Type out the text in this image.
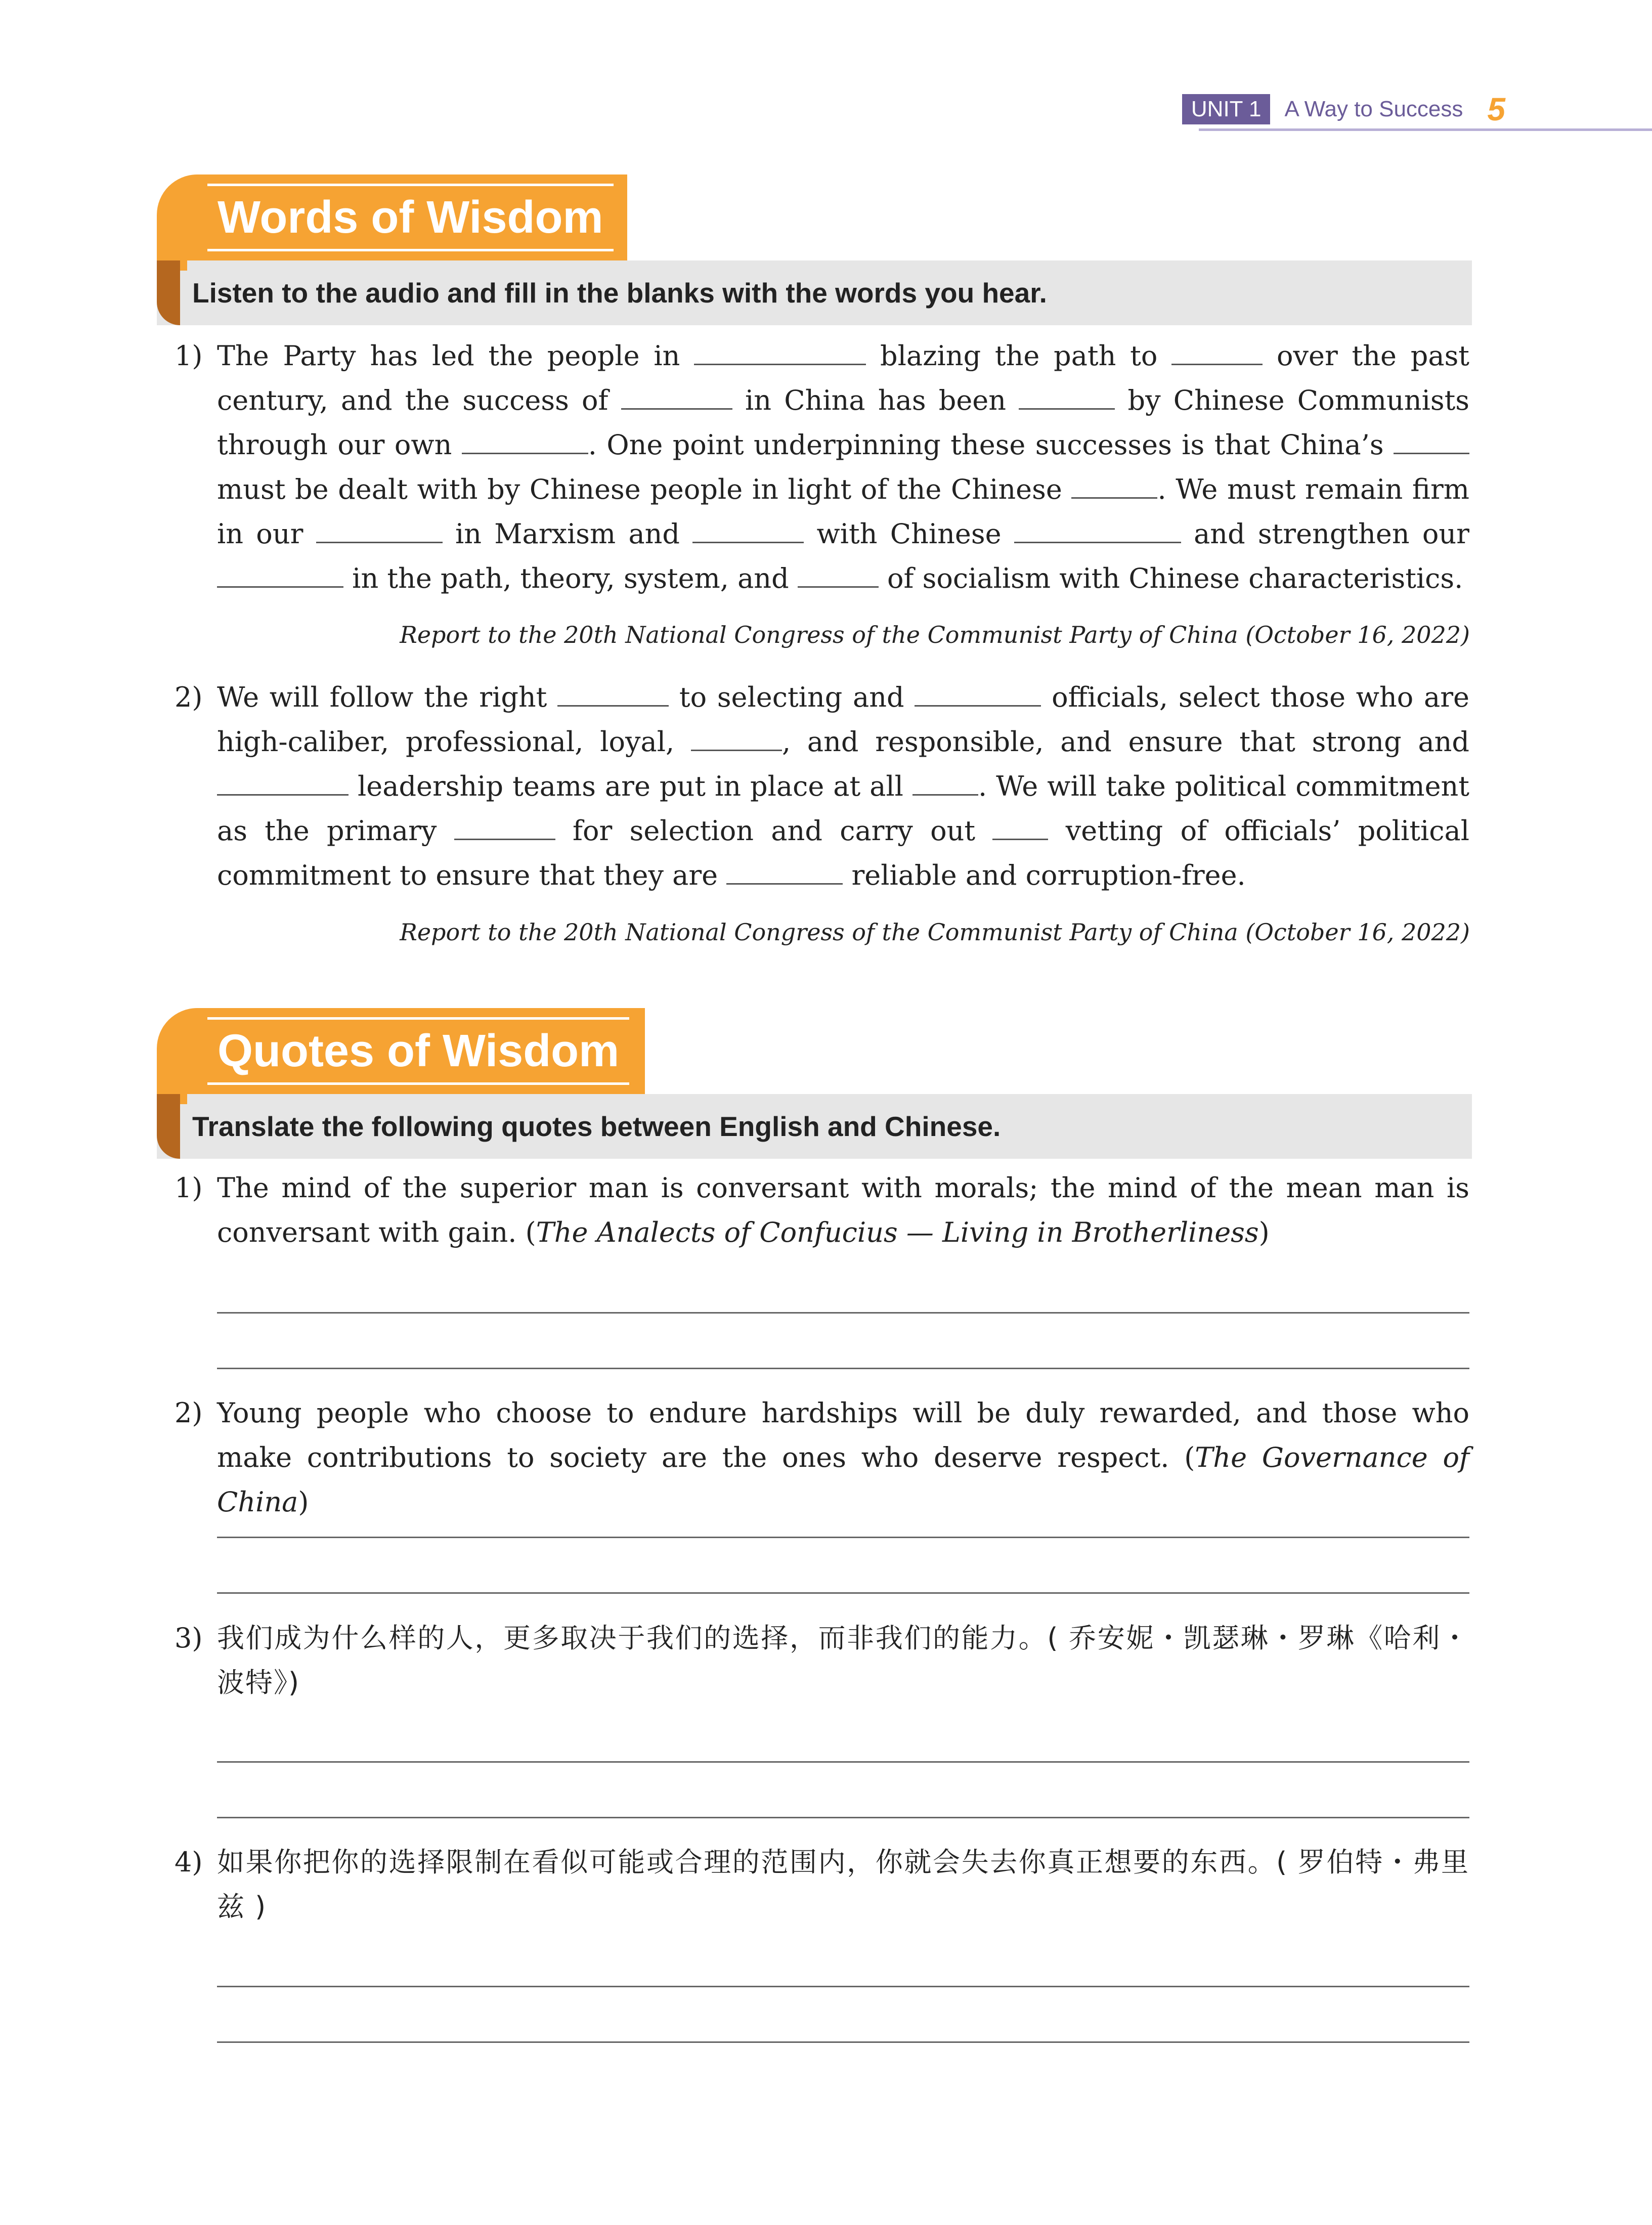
UNIT 1	A Way to Success 5
Words of Wisdom
Listen to the audio and fill in the blanks with the words you hear.
1) The Party has led the people in	blazing the path to	over the past century, and the success of	in China has been	by Chinese Communists through our own	. One point underpinning these successes is that China’s  must be dealt with by Chinese people in light of the Chinese	. We must remain firm in our	in Marxism and	with Chinese	and strengthen our  in the path, theory, system, and	of socialism with Chinese characteristics.
Report to the 20th National Congress of the Communist Party of China (October 16, 2022)
2) We will follow the right	to selecting and	officials, select those who are high-caliber, professional, loyal,	, and responsible, and ensure that strong and  leadership teams are put in place at all	. We will take political commitment as the primary	for selection and carry out	vetting of officials’ political commitment to ensure that they are	reliable and corruption-free.
Report to the 20th National Congress of the Communist Party of China (October 16, 2022)
Quotes of Wisdom
Translate the following quotes between English and Chinese.
1) The mind of the superior man is conversant with morals; the mind of the mean man is conversant with gain. (The Analects of Confucius — Living in Brotherliness)
2) Young people who choose to endure hardships will be duly rewarded, and those who make contributions to society are the ones who deserve respect. (The Governance of China)
3) 我们成为什么样的人，更多取决于我们的选择，而非我们的能力。( 乔安妮・凯瑟琳・罗琳《哈利・波特》)
4) 如果你把你的选择限制在看似可能或合理的范围内，你就会失去你真正想要的东西。( 罗伯特・弗里兹 )
